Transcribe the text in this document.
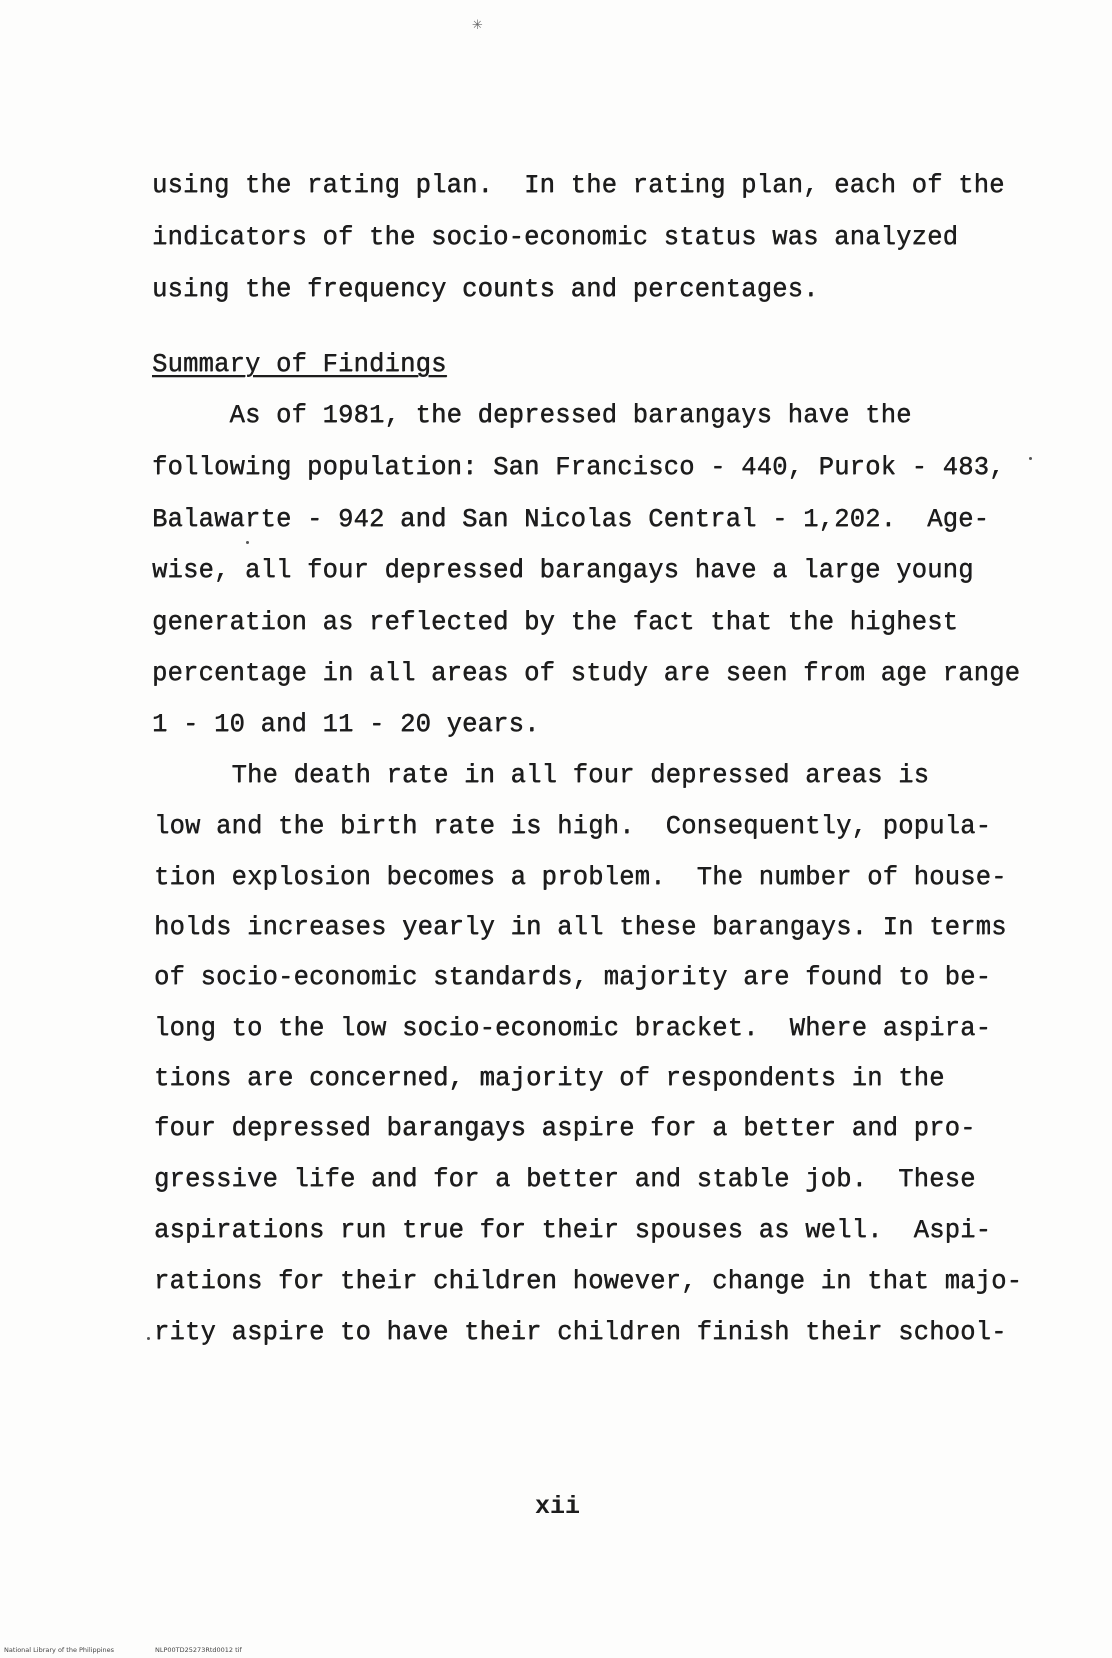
✳
using the rating plan.  In the rating plan, each of the
indicators of the socio-economic status was analyzed
using the frequency counts and percentages.
Summary of Findings
As of 1981, the depressed barangays have the
following population: San Francisco - 440, Purok - 483,
Balawarte - 942 and San Nicolas Central - 1,202.  Age-
wise, all four depressed barangays have a large young
generation as reflected by the fact that the highest
percentage in all areas of study are seen from age range
1 - 10 and 11 - 20 years.
The death rate in all four depressed areas is
low and the birth rate is high.  Consequently, popula-
tion explosion becomes a problem.  The number of house-
holds increases yearly in all these barangays. In terms
of socio-economic standards, majority are found to be-
long to the low socio-economic bracket.  Where aspira-
tions are concerned, majority of respondents in the
four depressed barangays aspire for a better and pro-
gressive life and for a better and stable job.  These
aspirations run true for their spouses as well.  Aspi-
rations for their children however, change in that majo-
rity aspire to have their children finish their school-
xii
National Library of the Philippines	NLP00TD25273Rtd0012 tif
